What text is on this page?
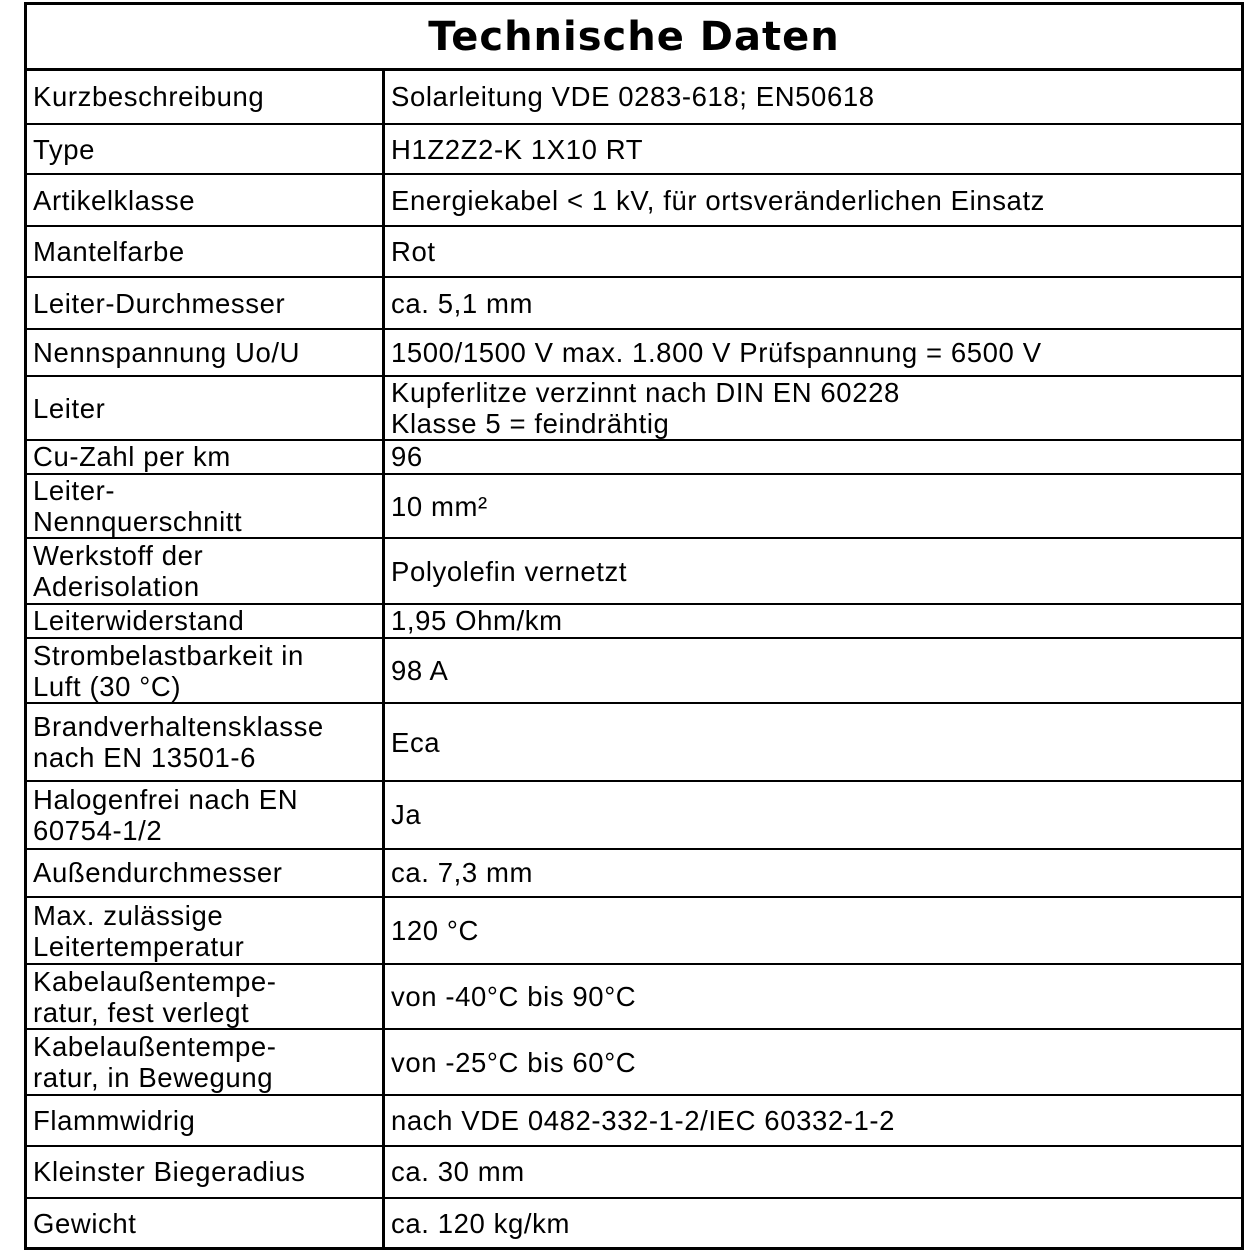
Technische Daten
Kurzbeschreibung	Solarleitung VDE 0283-618; EN50618
Type	H1Z2Z2-K 1X10 RT
Artikelklasse	Energiekabel < 1 kV, für ortsveränderlichen Einsatz
Mantelfarbe	Rot
Leiter-Durchmesser	ca. 5,1 mm
Nennspannung Uo/U	1500/1500 V max. 1.800 V Prüfspannung = 6500 V
Leiter	Kupferlitze verzinnt nach DIN EN 60228
Klasse 5 = feindrähtig
Cu-Zahl per km	96
Leiter-
Nennquerschnitt	10 mm²
Werkstoff der
Aderisolation	Polyolefin vernetzt
Leiterwiderstand	1,95 Ohm/km
Strombelastbarkeit in
Luft (30 °C)	98 A
Brandverhaltensklasse
nach EN 13501-6	Eca
Halogenfrei nach EN
60754-1/2	Ja
Außendurchmesser	ca. 7,3 mm
Max. zulässige
Leitertemperatur	120 °C
Kabelaußentempe-
ratur, fest verlegt	von -40°C bis 90°C
Kabelaußentempe-
ratur, in Bewegung	von -25°C bis 60°C
Flammwidrig	nach VDE 0482-332-1-2/IEC 60332-1-2
Kleinster Biegeradius	ca. 30 mm
Gewicht	ca. 120 kg/km
